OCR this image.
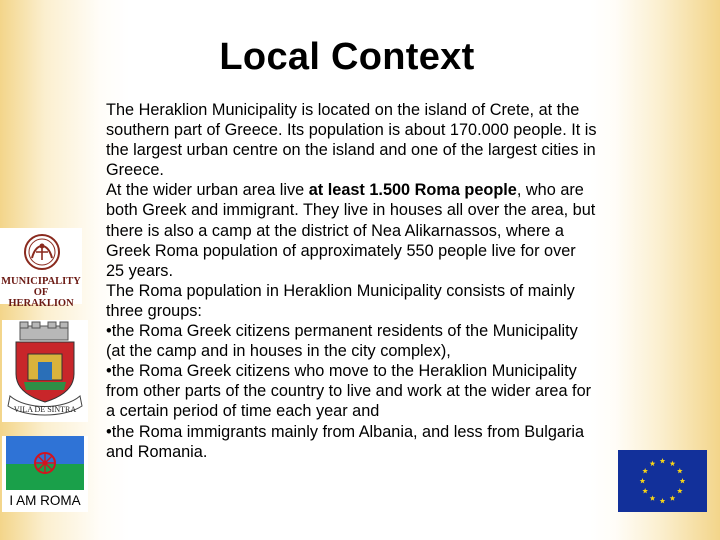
Local Context

The Heraklion Municipality is located on the island of Crete, at the southern part of Greece. Its population is about 170.000 people. It is the largest urban centre on the island and one of the largest cities in Greece.

At the wider urban area live at least 1.500 Roma people, who are both Greek and immigrant. They live in houses all over the area, but there is also a camp at the district of Nea Alikarnassos, where a Greek Roma population of approximately 550 people live for over 25 years.

The Roma population in Heraklion Municipality consists of mainly three groups:

•the Roma Greek citizens permanent residents of the Municipality (at the camp and in houses in the city complex),

•the Roma Greek citizens who move to the Heraklion Municipality from other parts of the country to live and work at the wider area for a certain period of time each year and

•the Roma immigrants mainly from Albania, and less from Bulgaria and Romania.

MUNICIPALITY OF
HERAKLION
VILA DE SINTRA
I AM ROMA
